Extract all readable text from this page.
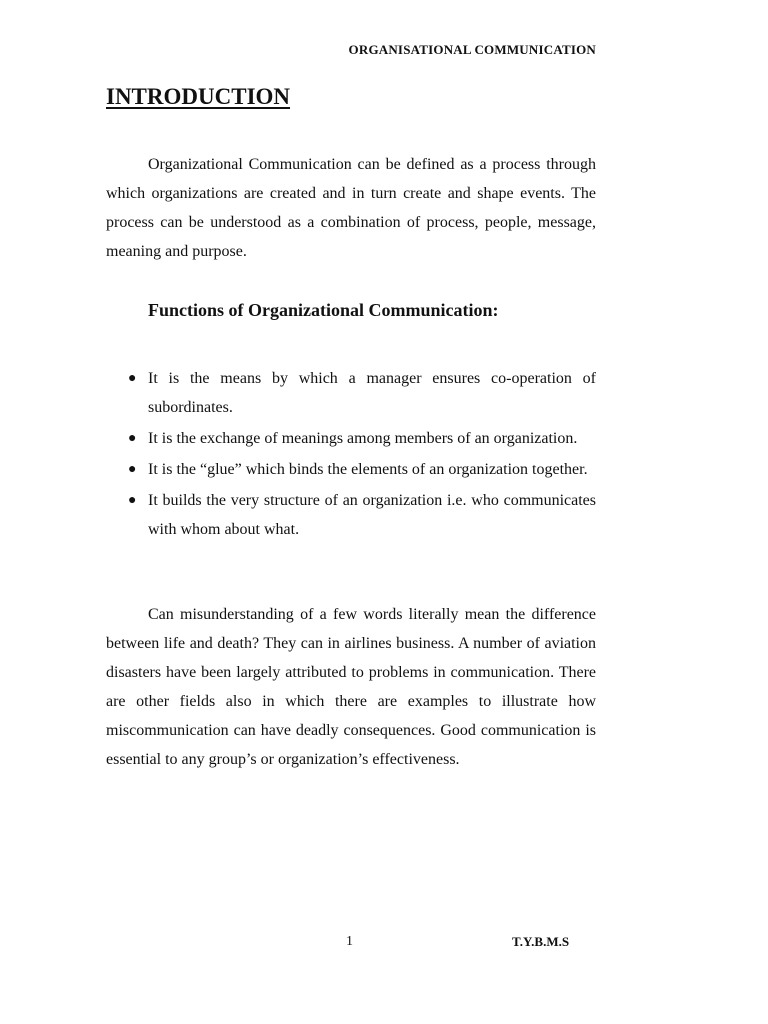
ORGANISATIONAL COMMUNICATION

INTRODUCTION

Organizational Communication can be defined as a process through which organizations are created and in turn create and shape events. The process can be understood as a combination of process, people, message, meaning and purpose.

Functions of Organizational Communication:
● It is the means by which a manager ensures co-operation of subordinates.
● It is the exchange of meanings among members of an organization.
● It is the “glue” which binds the elements of an organization together.
● It builds the very structure of an organization i.e. who communicates with whom about what.

Can misunderstanding of a few words literally mean the difference between life and death? They can in airlines business. A number of aviation disasters have been largely attributed to problems in communication. There are other fields also in which there are examples to illustrate how miscommunication can have deadly consequences. Good communication is essential to any group’s or organization’s effectiveness.

1	T.Y.B.M.S
